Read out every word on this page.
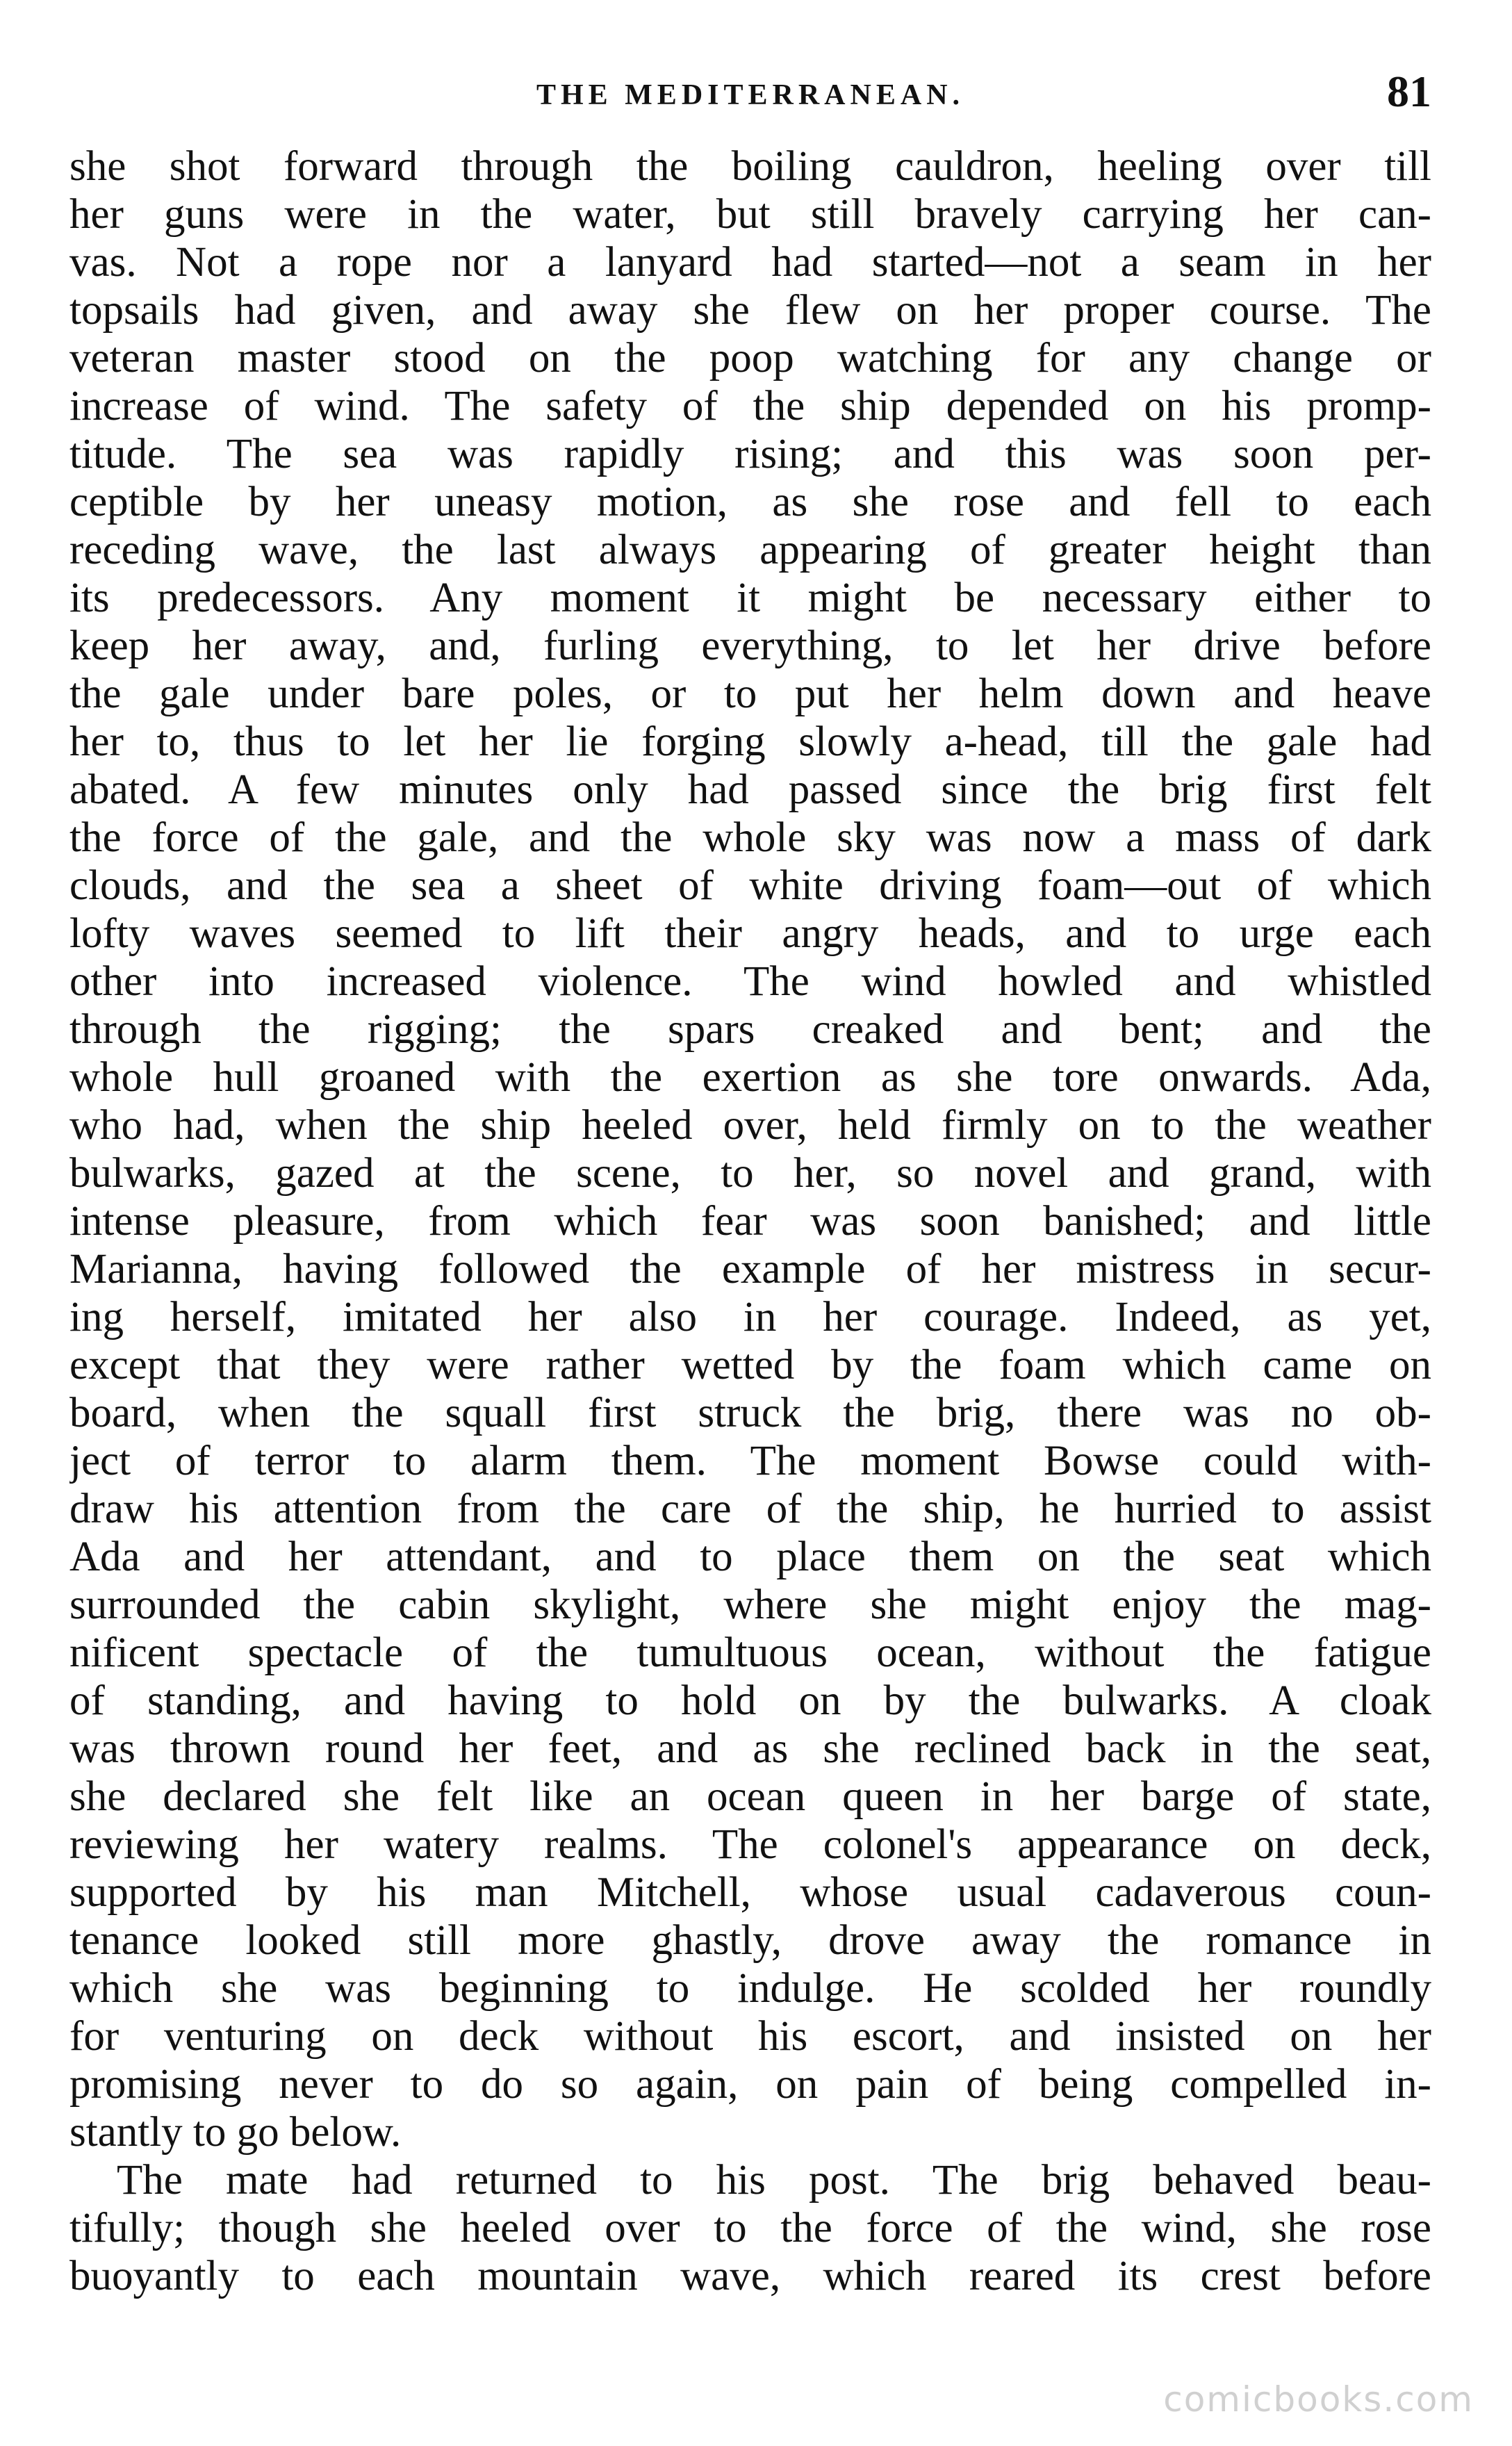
THE MEDITERRANEAN.	81
she shot forward through the boiling cauldron, heeling over till
her guns were in the water, but still bravely carrying her can-
vas. Not a rope nor a lanyard had started—not a seam in her
topsails had given, and away she flew on her proper course. The
veteran master stood on the poop watching for any change or
increase of wind. The safety of the ship depended on his promp-
titude. The sea was rapidly rising; and this was soon per-
ceptible by her uneasy motion, as she rose and fell to each
receding wave, the last always appearing of greater height than
its predecessors. Any moment it might be necessary either to
keep her away, and, furling everything, to let her drive before
the gale under bare poles, or to put her helm down and heave
her to, thus to let her lie forging slowly a-head, till the gale had
abated. A few minutes only had passed since the brig first felt
the force of the gale, and the whole sky was now a mass of dark
clouds, and the sea a sheet of white driving foam—out of which
lofty waves seemed to lift their angry heads, and to urge each
other into increased violence. The wind howled and whistled
through the rigging; the spars creaked and bent; and the
whole hull groaned with the exertion as she tore onwards. Ada,
who had, when the ship heeled over, held firmly on to the weather
bulwarks, gazed at the scene, to her, so novel and grand, with
intense pleasure, from which fear was soon banished; and little
Marianna, having followed the example of her mistress in secur-
ing herself, imitated her also in her courage. Indeed, as yet,
except that they were rather wetted by the foam which came on
board, when the squall first struck the brig, there was no ob-
ject of terror to alarm them. The moment Bowse could with-
draw his attention from the care of the ship, he hurried to assist
Ada and her attendant, and to place them on the seat which
surrounded the cabin skylight, where she might enjoy the mag-
nificent spectacle of the tumultuous ocean, without the fatigue
of standing, and having to hold on by the bulwarks. A cloak
was thrown round her feet, and as she reclined back in the seat,
she declared she felt like an ocean queen in her barge of state,
reviewing her watery realms. The colonel's appearance on deck,
supported by his man Mitchell, whose usual cadaverous coun-
tenance looked still more ghastly, drove away the romance in
which she was beginning to indulge. He scolded her roundly
for venturing on deck without his escort, and insisted on her
promising never to do so again, on pain of being compelled in-
stantly to go below.
The mate had returned to his post. The brig behaved beau-
tifully; though she heeled over to the force of the wind, she rose
buoyantly to each mountain wave, which reared its crest before
comicbooks.com
